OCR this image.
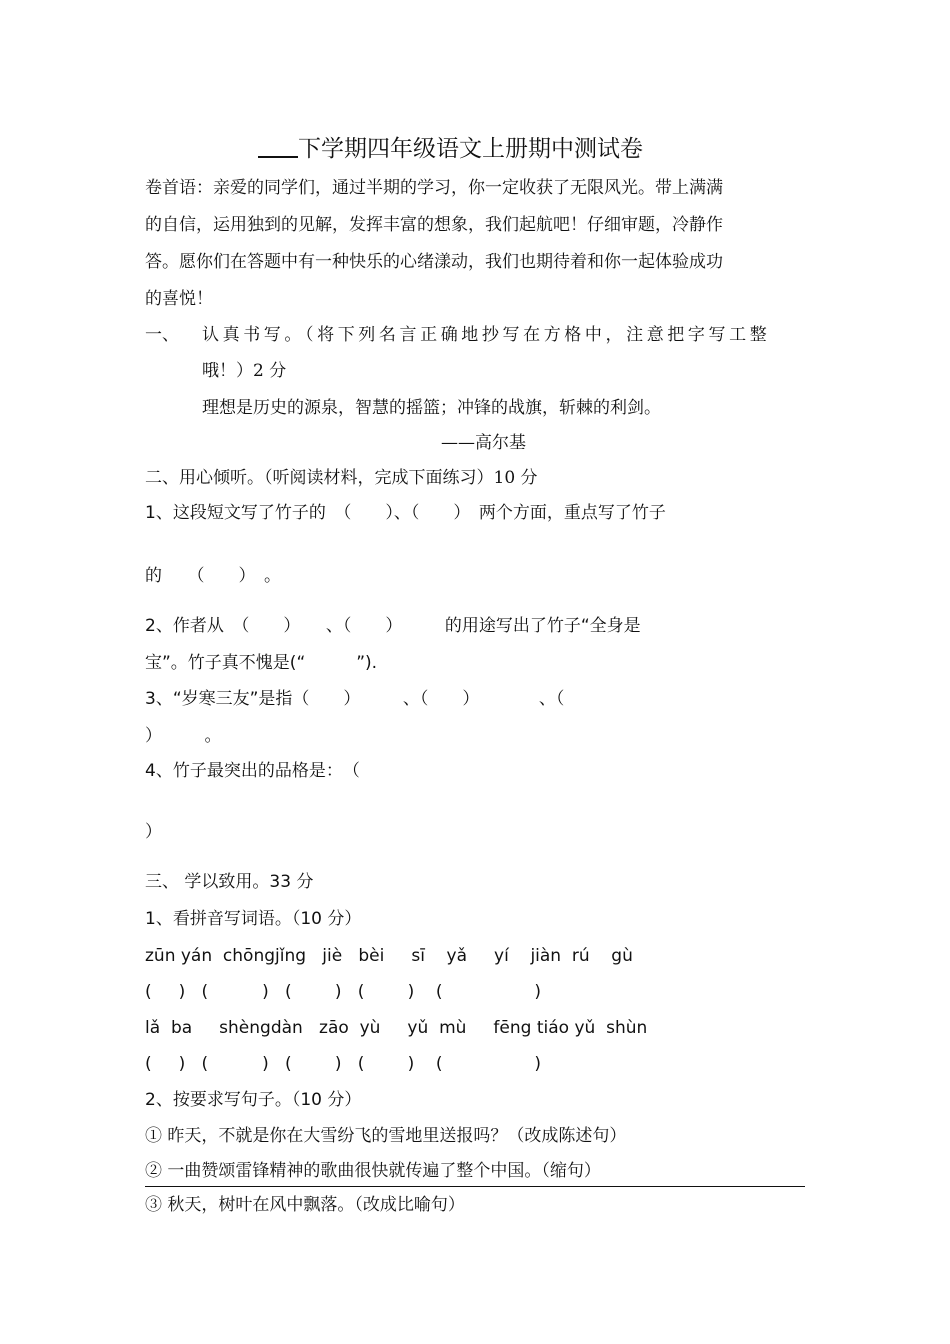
下学期四年级语文上册期中测试卷
卷首语：亲爱的同学们，通过半期的学习，你一定收获了无限风光。带上满满
的自信，运用独到的见解，发挥丰富的想象，我们起航吧！仔细审题，冷静作
答。愿你们在答题中有一种快乐的心绪漾动，我们也期待着和你一起体验成功
的喜悦！
一、 认真书写。（将下列名言正确地抄写在方格中，注意把字写工整
哦！）2 分
理想是历史的源泉，智慧的摇篮；冲锋的战旗，斩棘的利剑。
——高尔基
二、用心倾听。（听阅读材料，完成下面练习）10 分
1、这段短文写了竹子的　（　　）、（　　）　两个方面，重点写了竹子
的　　（　　）　。
2、作者从　（　　）　　、（　　）　　　的用途写出了竹子“全身是
宝”。竹子真不愧是(“　　　”).
3、“岁寒三友”是指（　　）　　　、（　　）　　　　、（
）　　　。
4、竹子最突出的品格是：　（
）
三、 学以致用。33 分
1、看拼音写词语。（10 分）
zūn yán  chōngjǐng   jiè   bèi     sī    yǎ     yí    jiàn  rú    gù
(     )   (          )   (        )   (        )    (                 )
lǎ  ba     shèngdàn   zāo  yù     yǔ  mù     fēng tiáo yǔ  shùn
(     )   (          )   (        )   (        )    (                 )
2、按要求写句子。（10 分）
① 昨天，不就是你在大雪纷飞的雪地里送报吗？（改成陈述句）
② 一曲赞颂雷锋精神的歌曲很快就传遍了整个中国。（缩句）
③ 秋天，树叶在风中飘落。（改成比喻句）
